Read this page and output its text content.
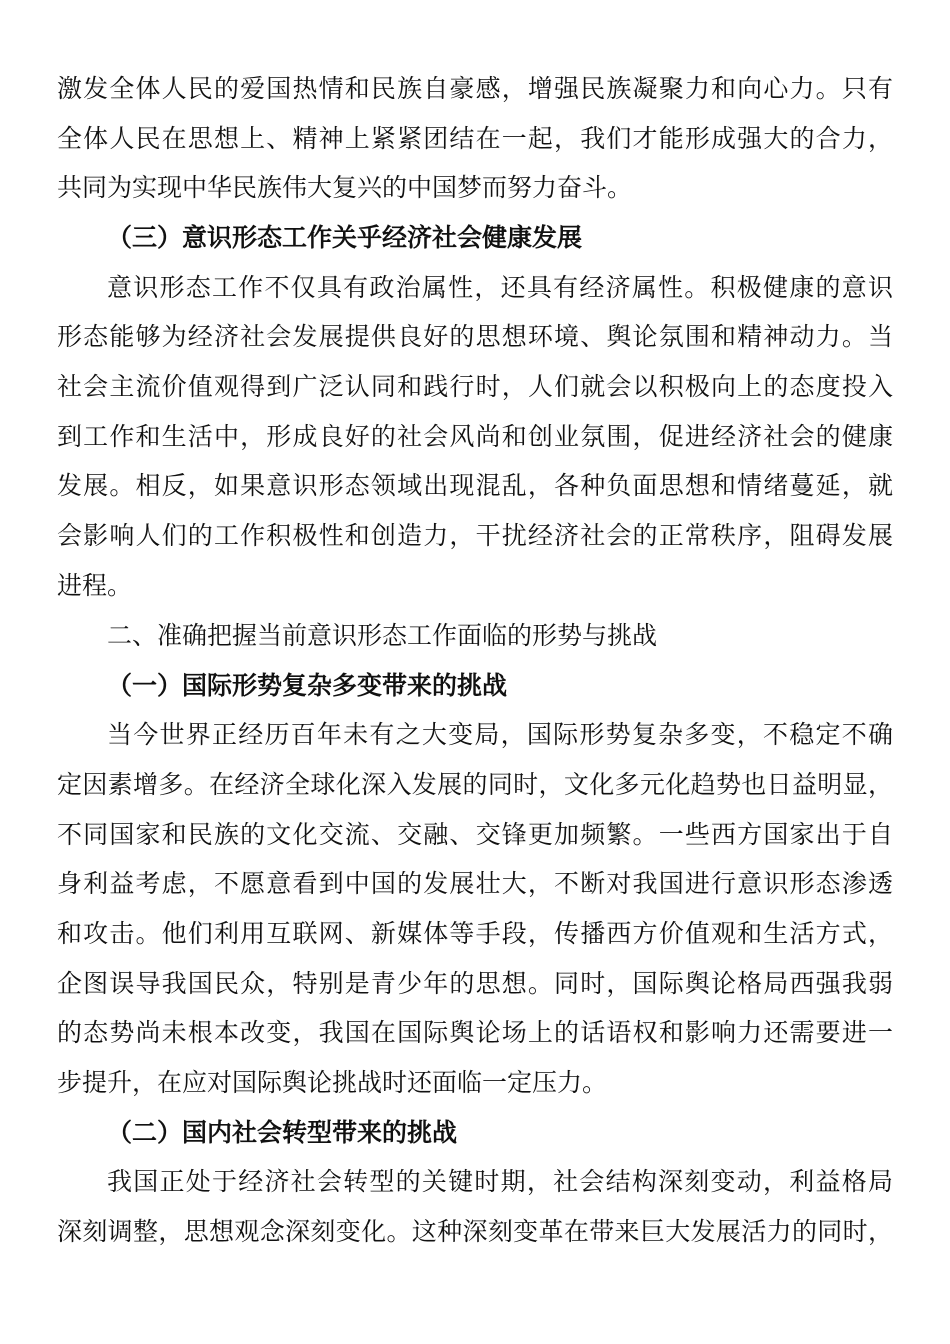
激发全体人民的爱国热情和民族自豪感，增强民族凝聚力和向心力。只有
全体人民在思想上、精神上紧紧团结在一起，我们才能形成强大的合力，
共同为实现中华民族伟大复兴的中国梦而努力奋斗。
（三）意识形态工作关乎经济社会健康发展
意识形态工作不仅具有政治属性，还具有经济属性。积极健康的意识
形态能够为经济社会发展提供良好的思想环境、舆论氛围和精神动力。当
社会主流价值观得到广泛认同和践行时，人们就会以积极向上的态度投入
到工作和生活中，形成良好的社会风尚和创业氛围，促进经济社会的健康
发展。相反，如果意识形态领域出现混乱，各种负面思想和情绪蔓延，就
会影响人们的工作积极性和创造力，干扰经济社会的正常秩序，阻碍发展
进程。
二、准确把握当前意识形态工作面临的形势与挑战
（一）国际形势复杂多变带来的挑战
当今世界正经历百年未有之大变局，国际形势复杂多变，不稳定不确
定因素增多。在经济全球化深入发展的同时，文化多元化趋势也日益明显，
不同国家和民族的文化交流、交融、交锋更加频繁。一些西方国家出于自
身利益考虑，不愿意看到中国的发展壮大，不断对我国进行意识形态渗透
和攻击。他们利用互联网、新媒体等手段，传播西方价值观和生活方式，
企图误导我国民众，特别是青少年的思想。同时，国际舆论格局西强我弱
的态势尚未根本改变，我国在国际舆论场上的话语权和影响力还需要进一
步提升，在应对国际舆论挑战时还面临一定压力。
（二）国内社会转型带来的挑战
我国正处于经济社会转型的关键时期，社会结构深刻变动，利益格局
深刻调整，思想观念深刻变化。这种深刻变革在带来巨大发展活力的同时，
